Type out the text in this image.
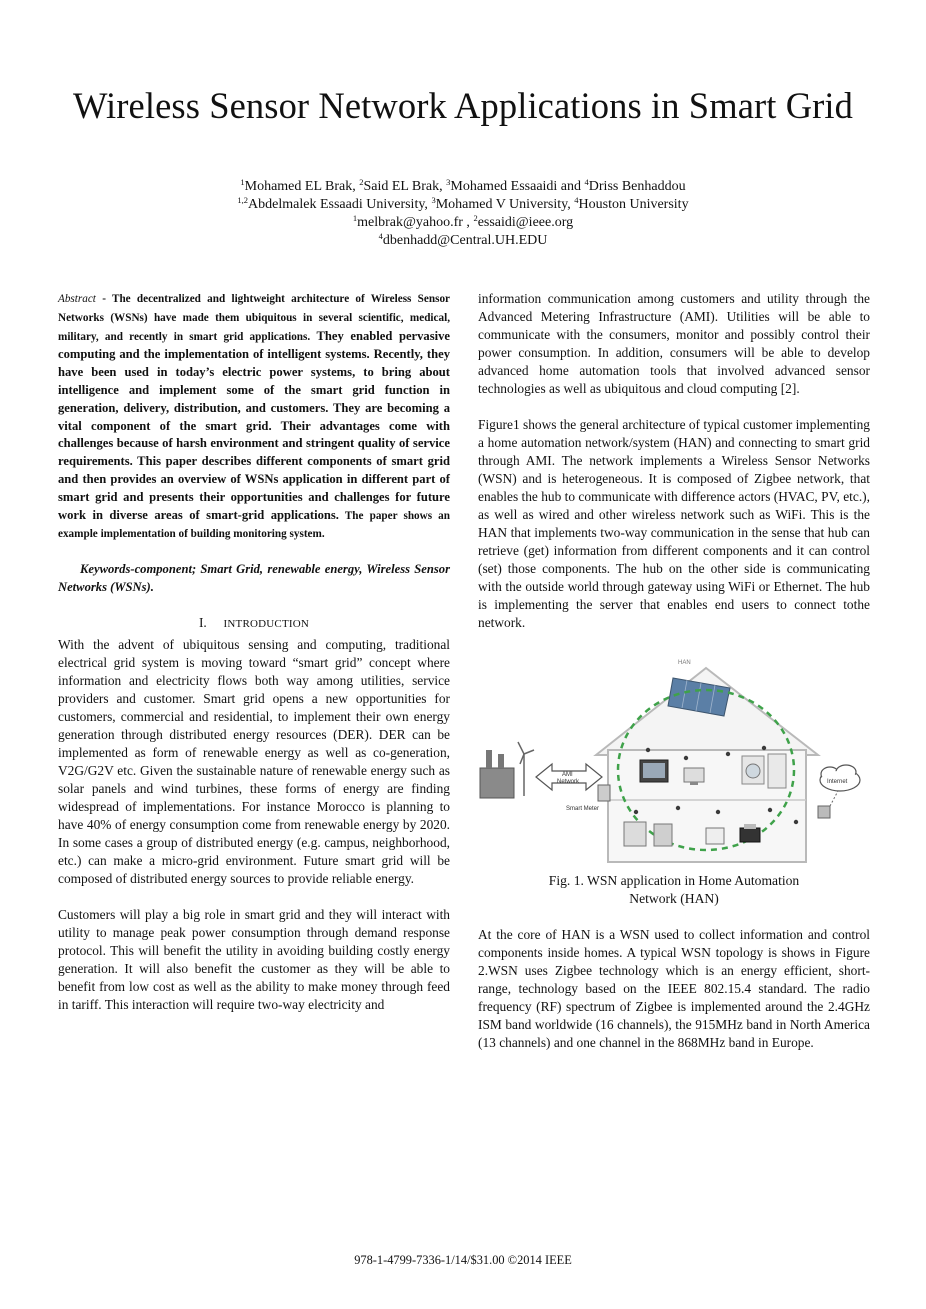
Wireless Sensor Network Applications in Smart Grid
$^1$Mohamed EL Brak, $^2$Said EL Brak, $^3$Mohamed Essaaidi and $^4$Driss Benhaddou
$^{1,2}$Abdelmalek Essaadi University, $^3$Mohamed V University, $^4$Houston University
$^1$melbrak@yahoo.fr , $^2$essaidi@ieee.org
$^4$dbenhadd@Central.UH.EDU

Abstract - The decentralized and lightweight architecture of Wireless Sensor Networks (WSNs) have made them ubiquitous in several scientific, medical, military, and recently in smart grid applications. They enabled pervasive computing and the implementation of intelligent systems. Recently, they have been used in today’s electric power systems, to bring about intelligence and implement some of the smart grid function in generation, delivery, distribution, and customers. They are becoming a vital component of the smart grid. Their advantages come with challenges because of harsh environment and stringent quality of service requirements. This paper describes different components of smart grid and then provides an overview of WSNs application in different part of smart grid and presents their opportunities and challenges for future work in diverse areas of smart-grid applications. The paper shows an example implementation of building monitoring system.

Keywords-component; Smart Grid, renewable energy, Wireless Sensor Networks (WSNs).

I. INTRODUCTION

With the advent of ubiquitous sensing and computing, traditional electrical grid system is moving toward “smart grid” concept where information and electricity flows both way among utilities, service providers and customer. Smart grid opens a new opportunities for customers, commercial and residential, to implement their own energy generation through distributed energy resources (DER). DER can be implemented as form of renewable energy as well as co-generation, V2G/G2V etc. Given the sustainable nature of renewable energy such as solar panels and wind turbines, these forms of energy are finding widespread of implementations. For instance Morocco is planning to have 40% of energy consumption come from renewable energy by 2020. In some cases a group of distributed energy (e.g. campus, neighborhood, etc.) can make a micro-grid environment. Future smart grid will be composed of distributed energy sources to provide reliable energy.

Customers will play a big role in smart grid and they will interact with utility to manage peak power consumption through demand response protocol. This will benefit the utility in avoiding building costly energy generation. It will also benefit the customer as they will be able to benefit from low cost as well as the ability to make money through feed in tariff. This interaction will require two-way electricity and

information communication among customers and utility through the Advanced Metering Infrastructure (AMI). Utilities will be able to communicate with the consumers, monitor and possibly control their power consumption. In addition, consumers will be able to develop advanced home automation tools that involved advanced sensor technologies as well as ubiquitous and cloud computing [2].

Figure1 shows the general architecture of typical customer implementing a home automation network/system (HAN) and connecting to smart grid through AMI. The network implements a Wireless Sensor Networks (WSN) and is heterogeneous. It is composed of Zigbee network, that enables the hub to communicate with difference actors (HVAC, PV, etc.), as well as wired and other wireless network such as WiFi. This is the HAN that implements two-way communication in the sense that hub can retrieve (get) information from different components and it can control (set) those components. The hub on the other side is communicating with the outside world through gateway using WiFi or Ethernet. The hub is implementing the server that enables end users to connect tothe network.

HAN
AMI
Network
Smart Meter
Internet

Fig. 1. WSN application in Home Automation
Network (HAN)

At the core of HAN is a WSN used to collect information and control components inside homes. A typical WSN topology is shows in Figure 2.WSN uses Zigbee technology which is an energy efficient, short-range, technology based on the IEEE 802.15.4 standard. The radio frequency (RF) spectrum of Zigbee is implemented around the 2.4GHz ISM band worldwide (16 channels), the 915MHz band in North America (13 channels) and one channel in the 868MHz band in Europe.

978-1-4799-7336-1/14/$31.00 ©2014 IEEE
